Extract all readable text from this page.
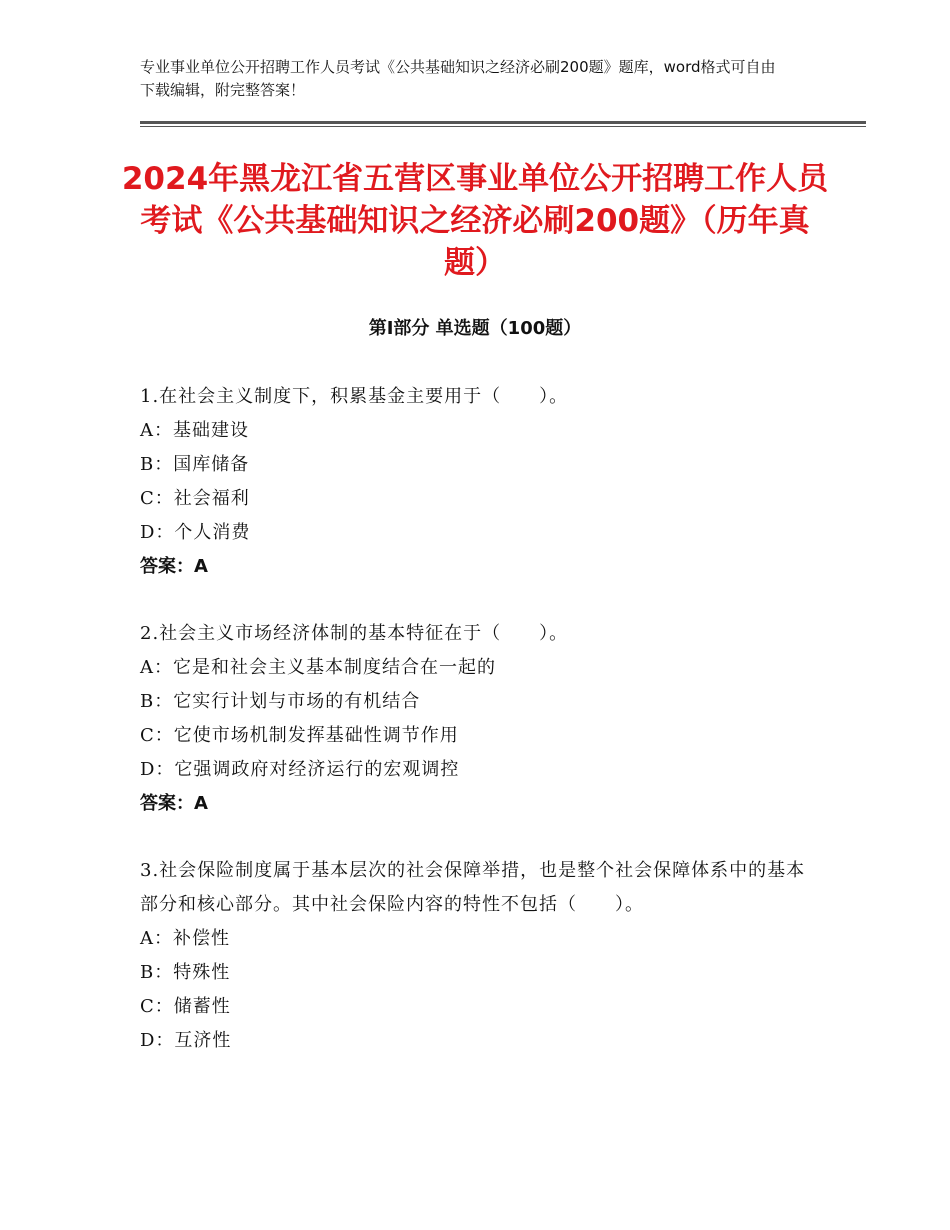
专业事业单位公开招聘工作人员考试《公共基础知识之经济必刷200题》题库，word格式可自由下载编辑，附完整答案！
2024年黑龙江省五营区事业单位公开招聘工作人员考试《公共基础知识之经济必刷200题》（历年真题）
第Ⅰ部分 单选题（100题）
1.在社会主义制度下，积累基金主要用于（　　）。
A：基础建设
B：国库储备
C：社会福利
D：个人消费
答案：A
2.社会主义市场经济体制的基本特征在于（　　）。
A：它是和社会主义基本制度结合在一起的
B：它实行计划与市场的有机结合
C：它使市场机制发挥基础性调节作用
D：它强调政府对经济运行的宏观调控
答案：A
3.社会保险制度属于基本层次的社会保障举措，也是整个社会保障体系中的基本部分和核心部分。其中社会保险内容的特性不包括（　　）。
A：补偿性
B：特殊性
C：储蓄性
D：互济性
